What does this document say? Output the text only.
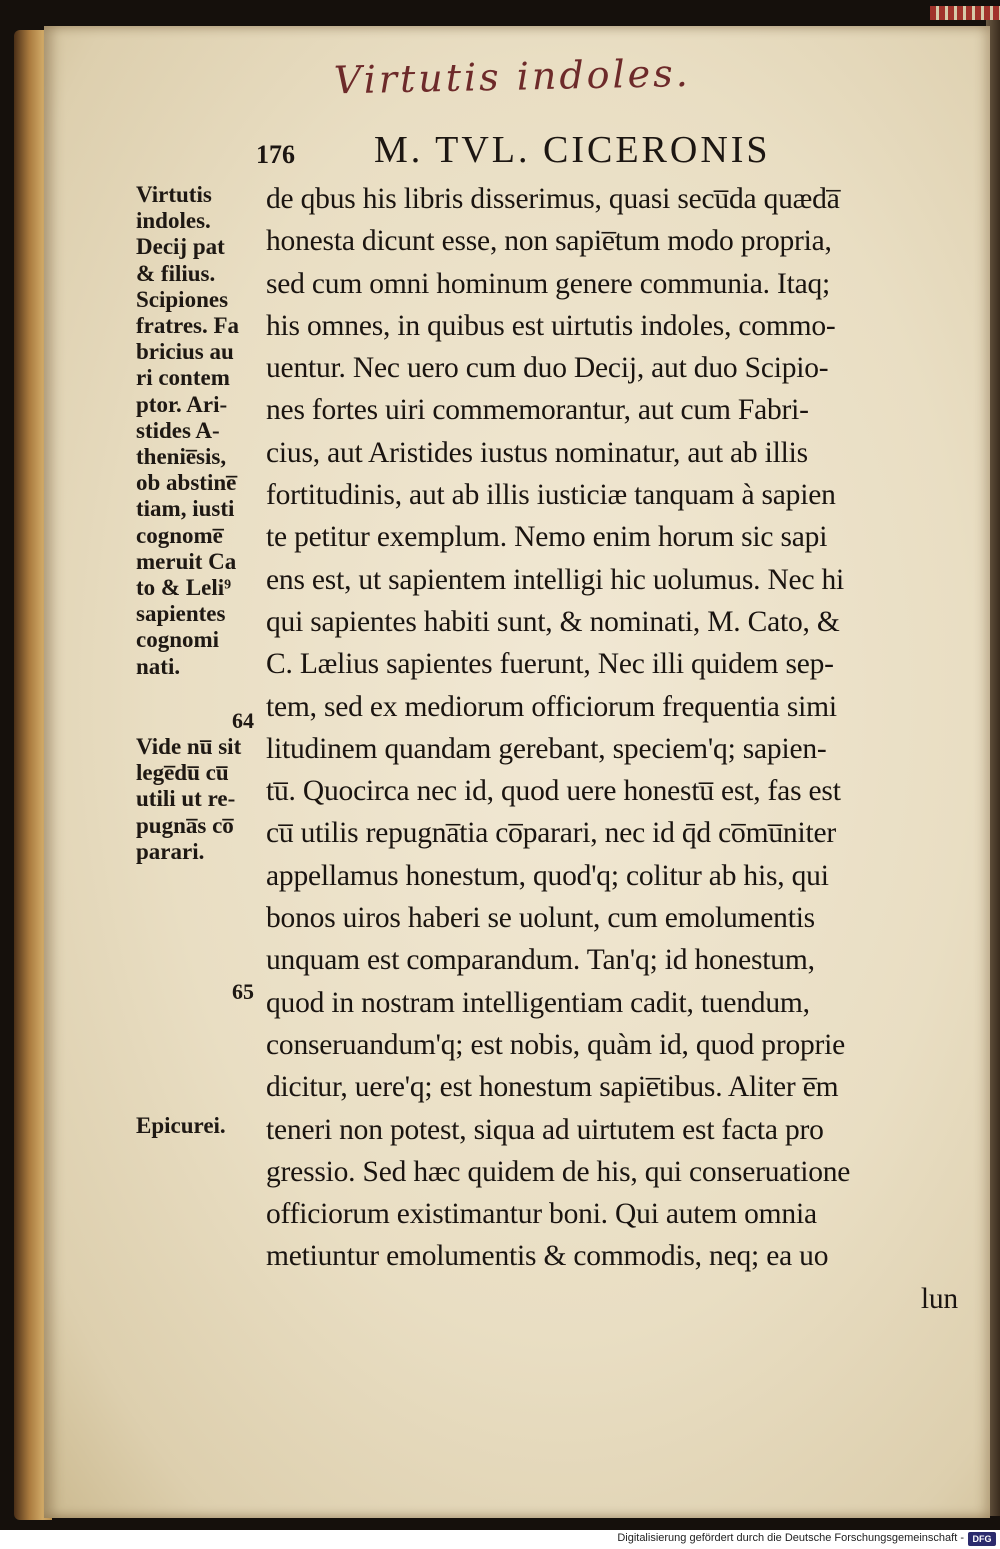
Virtutis indoles.
176 M. TVL. CICERONIS
Virtutis
indoles.
Decij pat
& filius.
Scipiones
fratres. Fa
bricius au
ri contem
ptor. Ari-
stides A-
thenie̅sis,
ob abstine̅
tiam, iusti
cognome̅
meruit Ca
to & Leli⁹
sapientes
cognomi
nati.
64
Vide nu̅ sit
lege̅du̅ cu̅
utili ut re-
pugna̅s co̅
parari.
65
Epicurei.
de qbus his libris disserimus, quasi secu̅da quæda̅
honesta dicunt esse, non sapie̅tum modo propria,
sed cum omni hominum genere communia. Itaq;
his omnes, in quibus est uirtutis indoles, commo-
uentur. Nec uero cum duo Decij, aut duo Scipio-
nes fortes uiri commemorantur, aut cum Fabri-
cius, aut Aristides iustus nominatur, aut ab illis
fortitudinis, aut ab illis iusticiæ tanquam à sapien
te petitur exemplum. Nemo enim horum sic sapi
ens est, ut sapientem intelligi hic uolumus. Nec hi
qui sapientes habiti sunt, & nominati, M. Cato, &
C. Lælius sapientes fuerunt, Nec illi quidem sep-
tem, sed ex mediorum officiorum frequentia simi
litudinem quandam gerebant, speciem'q; sapien-
tu̅. Quocirca nec id, quod uere honestu̅ est, fas est
cu̅ utilis repugna̅tia co̅parari, nec id q̄d co̅mu̅niter
appellamus honestum, quod'q; colitur ab his, qui
bonos uiros haberi se uolunt, cum emolumentis
unquam est comparandum. Tan'q; id honestum,
quod in nostram intelligentiam cadit, tuendum,
conseruandum'q; est nobis, quàm id, quod proprie
dicitur, uere'q; est honestum sapie̅tibus. Aliter e̅m
teneri non potest, siqua ad uirtutem est facta pro
gressio. Sed hæc quidem de his, qui conseruatione
officiorum existimantur boni. Qui autem omnia
metiuntur emolumentis & commodis, neq; ea uo
lun
Digitalisierung gefördert durch die Deutsche Forschungsgemeinschaft - DFG
